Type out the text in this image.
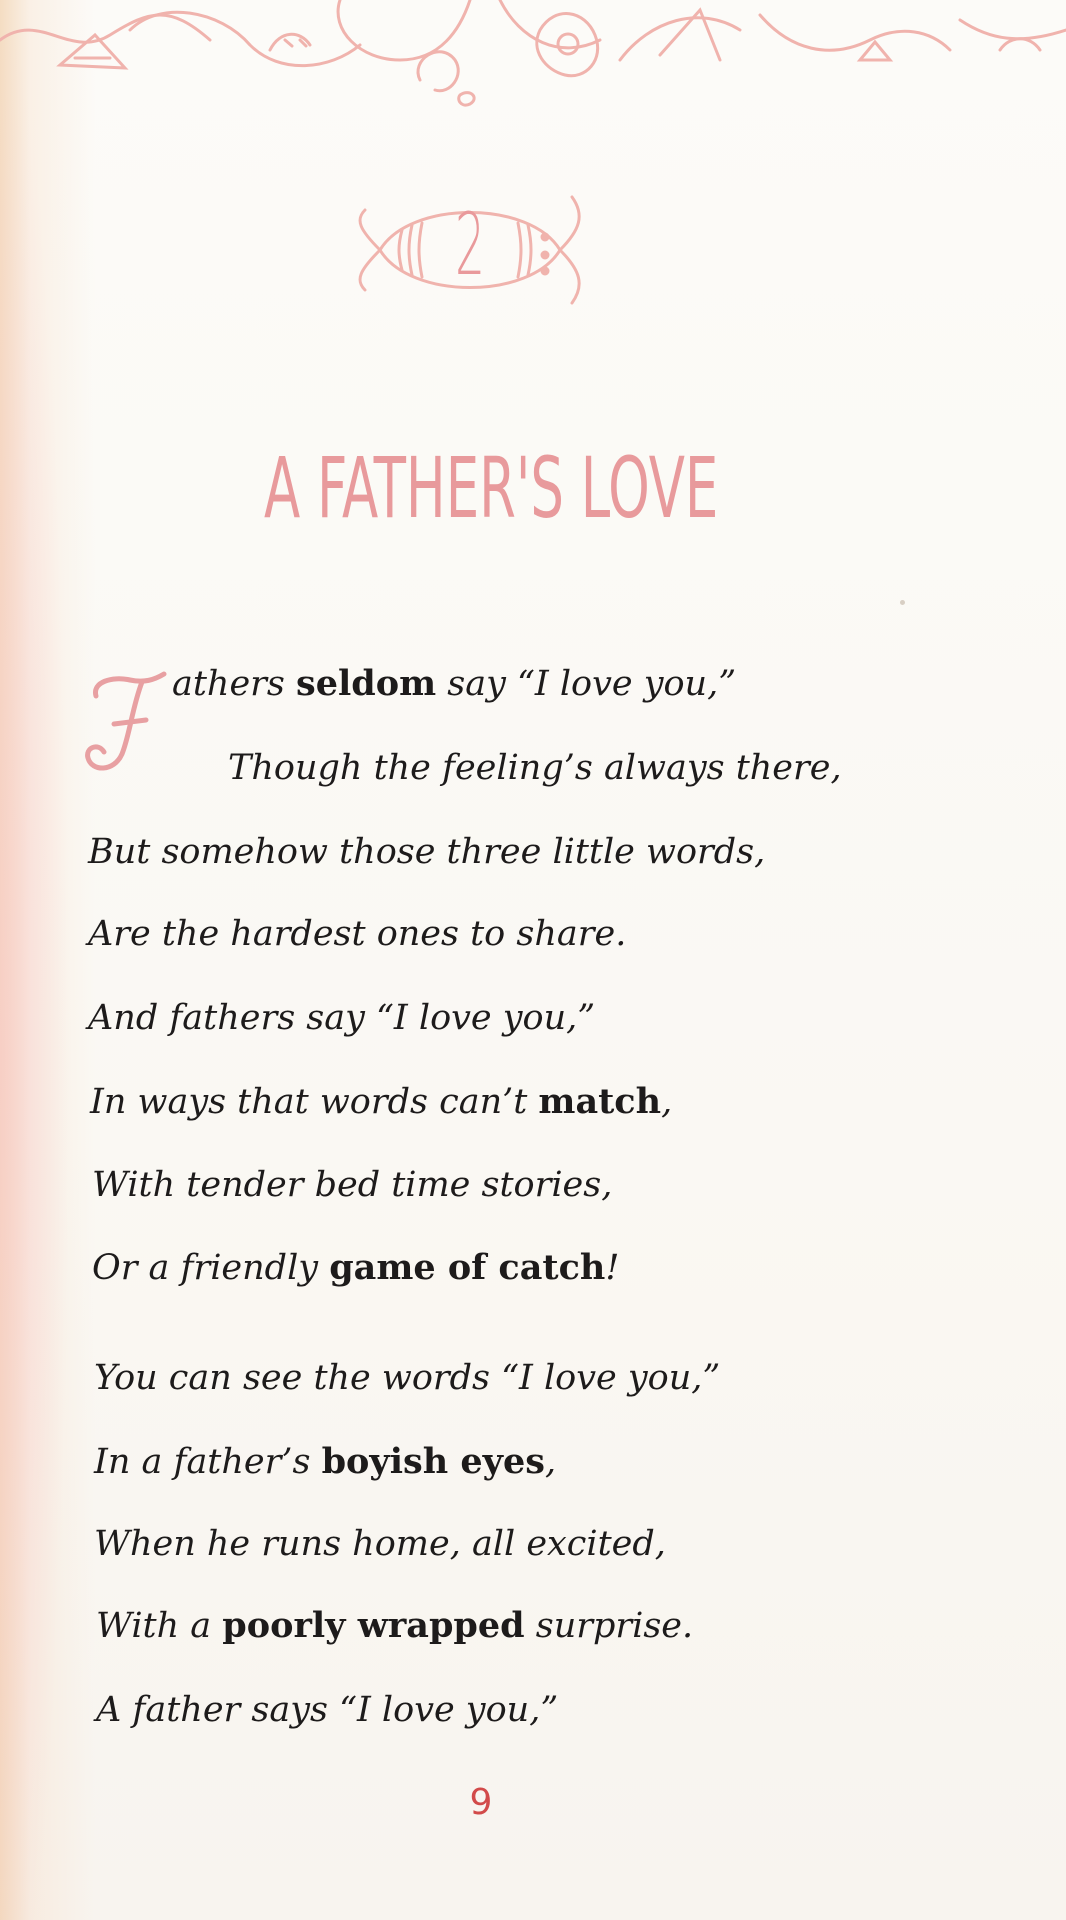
2
A FATHER'S LOVE
athers seldom say “I love you,”
Though the feeling’s always there,
But somehow those three little words,
Are the hardest ones to share.
And fathers say “I love you,”
In ways that words can’t match,
With tender bed time stories,
Or a friendly game of catch!
You can see the words “I love you,”
In a father’s boyish eyes,
When he runs home, all excited,
With a poorly wrapped surprise.
A father says “I love you,”
9
